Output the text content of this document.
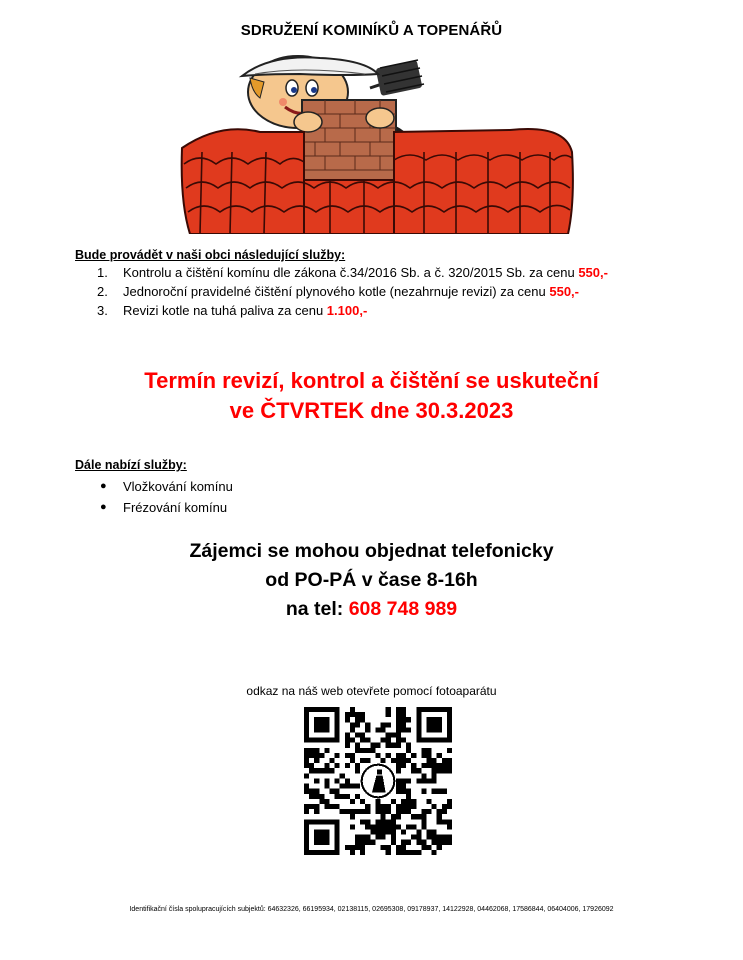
SDRUŽENÍ KOMINÍKŮ A TOPENÁŘŮ
Bude provádět v naši obci následující služby:
1.	Kontrolu a čištění komínu dle zákona č.34/2016 Sb. a č. 320/2015 Sb. za cenu 550,-
2.	Jednoroční pravidelné čištění plynového kotle (nezahrnuje revizi) za cenu 550,-
3.	Revizi kotle na tuhá paliva za cenu 1.100,-
Termín revizí, kontrol a čištění se uskuteční
ve ČTVRTEK dne 30.3.2023
Dále nabízí služby:
● Vložkování komínu
● Frézování komínu
Zájemci se mohou objednat telefonicky
od PO-PÁ v čase 8-16h
na tel: 608 748 989
odkaz na náš web otevřete pomocí fotoaparátu
Identifikační čísla spolupracujících subjektů: 64632326, 66195934, 02138115, 02695308, 09178937, 14122928, 04462068, 17586844, 06404006, 17926092
